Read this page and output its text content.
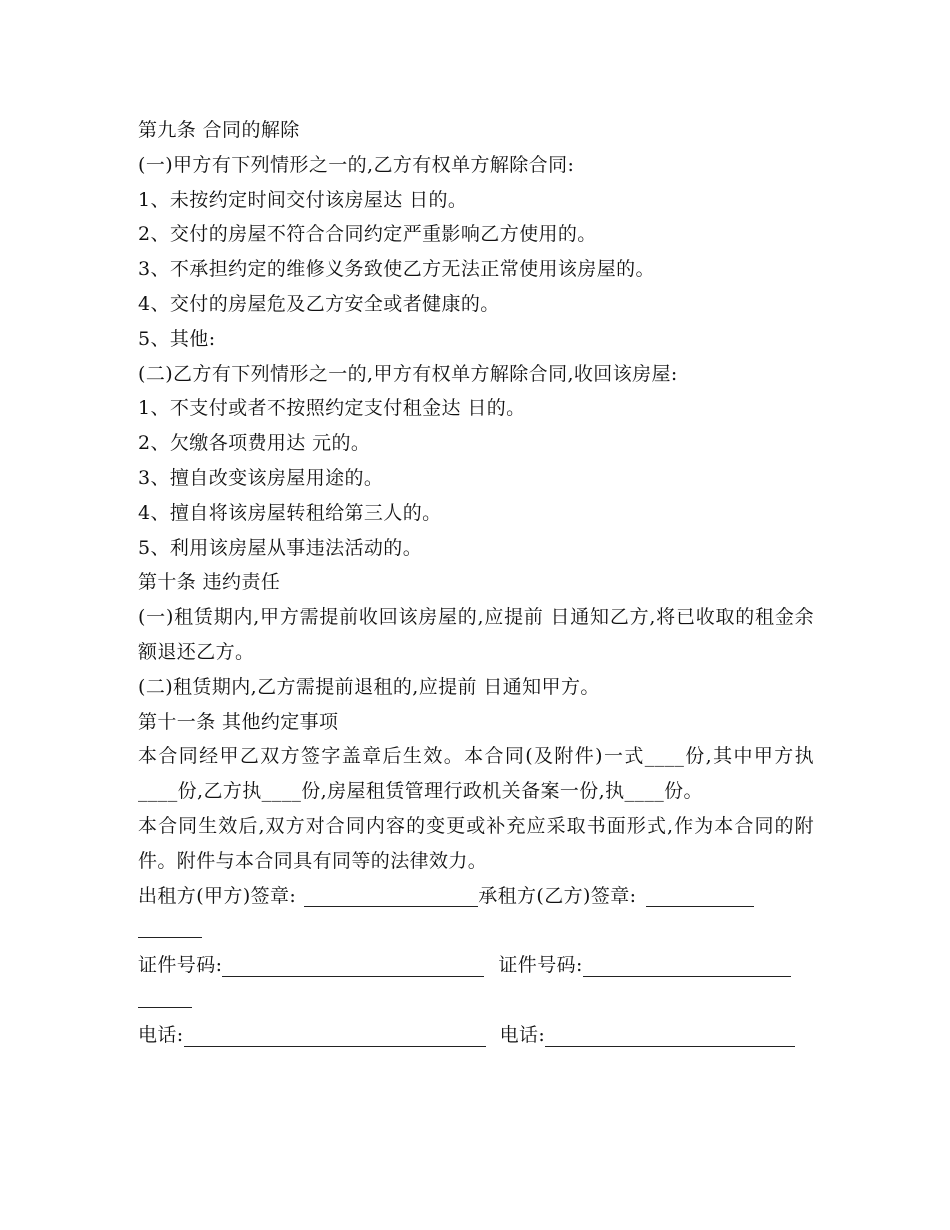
第九条 合同的解除
(一)甲方有下列情形之一的,乙方有权单方解除合同:
1、未按约定时间交付该房屋达 日的。
2、交付的房屋不符合合同约定严重影响乙方使用的。
3、不承担约定的维修义务致使乙方无法正常使用该房屋的。
4、交付的房屋危及乙方安全或者健康的。
5、其他:
(二)乙方有下列情形之一的,甲方有权单方解除合同,收回该房屋:
1、不支付或者不按照约定支付租金达 日的。
2、欠缴各项费用达 元的。
3、擅自改变该房屋用途的。
4、擅自将该房屋转租给第三人的。
5、利用该房屋从事违法活动的。
第十条 违约责任
(一)租赁期内,甲方需提前收回该房屋的,应提前 日通知乙方,将已收取的租金余额退还乙方。
(二)租赁期内,乙方需提前退租的,应提前 日通知甲方。
第十一条 其他约定事项
本合同经甲乙双方签字盖章后生效。本合同(及附件)一式____份,其中甲方执____份,乙方执____份,房屋租赁管理行政机关备案一份,执____份。
本合同生效后,双方对合同内容的变更或补充应采取书面形式,作为本合同的附件。附件与本合同具有同等的法律效力。
出租方(甲方)签章:	承租方(乙方)签章:
证件号码:	证件号码:
电话:	电话:
